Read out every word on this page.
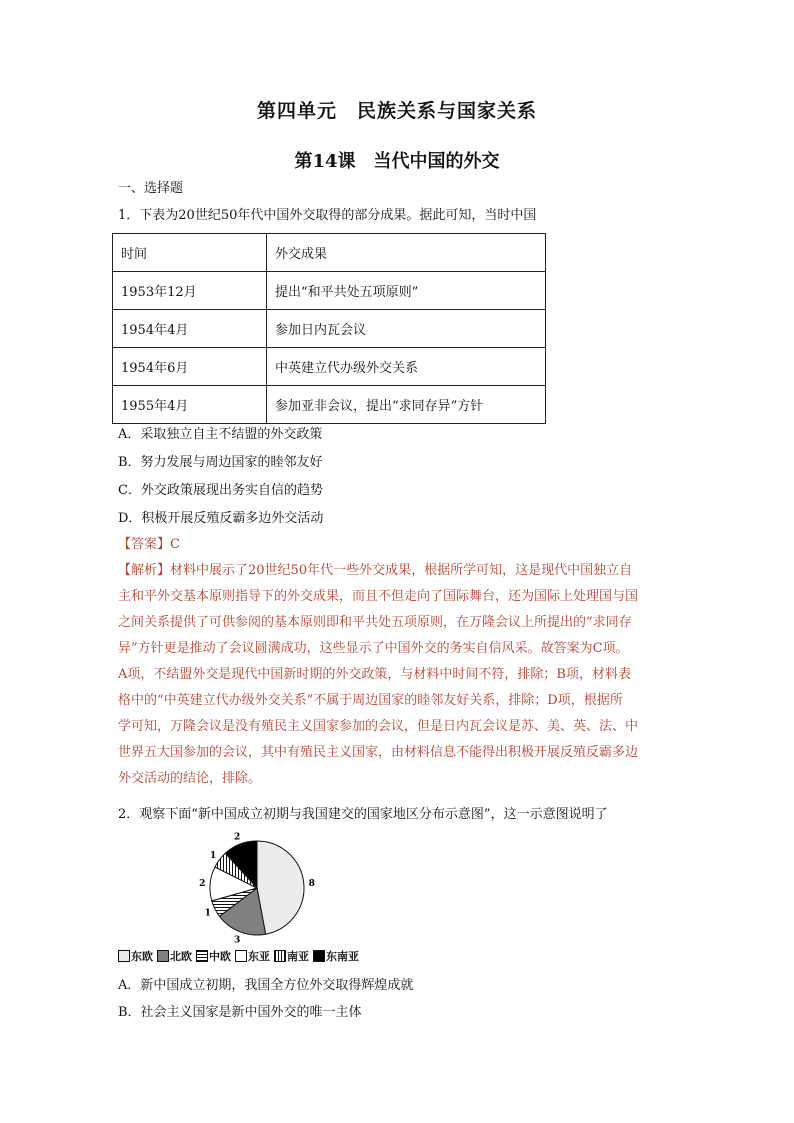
第四单元　民族关系与国家关系
第14课　当代中国的外交
一、选择题
1．下表为20世纪50年代中国外交取得的部分成果。据此可知，当时中国
时间	外交成果
1953年12月	提出“和平共处五项原则”
1954年4月	参加日内瓦会议
1954年6月	中英建立代办级外交关系
1955年4月	参加亚非会议，提出“求同存异”方针
A．采取独立自主不结盟的外交政策
B．努力发展与周边国家的睦邻友好
C．外交政策展现出务实自信的趋势
D．积极开展反殖反霸多边外交活动
【答案】C
【解析】材料中展示了20世纪50年代一些外交成果，根据所学可知，这是现代中国独立自
主和平外交基本原则指导下的外交成果，而且不但走向了国际舞台，还为国际上处理国与国
之间关系提供了可供参阅的基本原则即和平共处五项原则，在万隆会议上所提出的“求同存
异”方针更是推动了会议圆满成功，这些显示了中国外交的务实自信风采。故答案为C项。
A项，不结盟外交是现代中国新时期的外交政策，与材料中时间不符，排除；B项，材料表
格中的“中英建立代办级外交关系”不属于周边国家的睦邻友好关系，排除；D项，根据所
学可知，万隆会议是没有殖民主义国家参加的会议，但是日内瓦会议是苏、美、英、法、中
世界五大国参加的会议，其中有殖民主义国家，由材料信息不能得出积极开展反殖反霸多边
外交活动的结论，排除。
2．观察下面“新中国成立初期与我国建交的国家地区分布示意图”，这一示意图说明了
8
3
1
2
1
2
东欧 北欧 中欧 东亚 南亚 东南亚
A．新中国成立初期，我国全方位外交取得辉煌成就
B．社会主义国家是新中国外交的唯一主体
